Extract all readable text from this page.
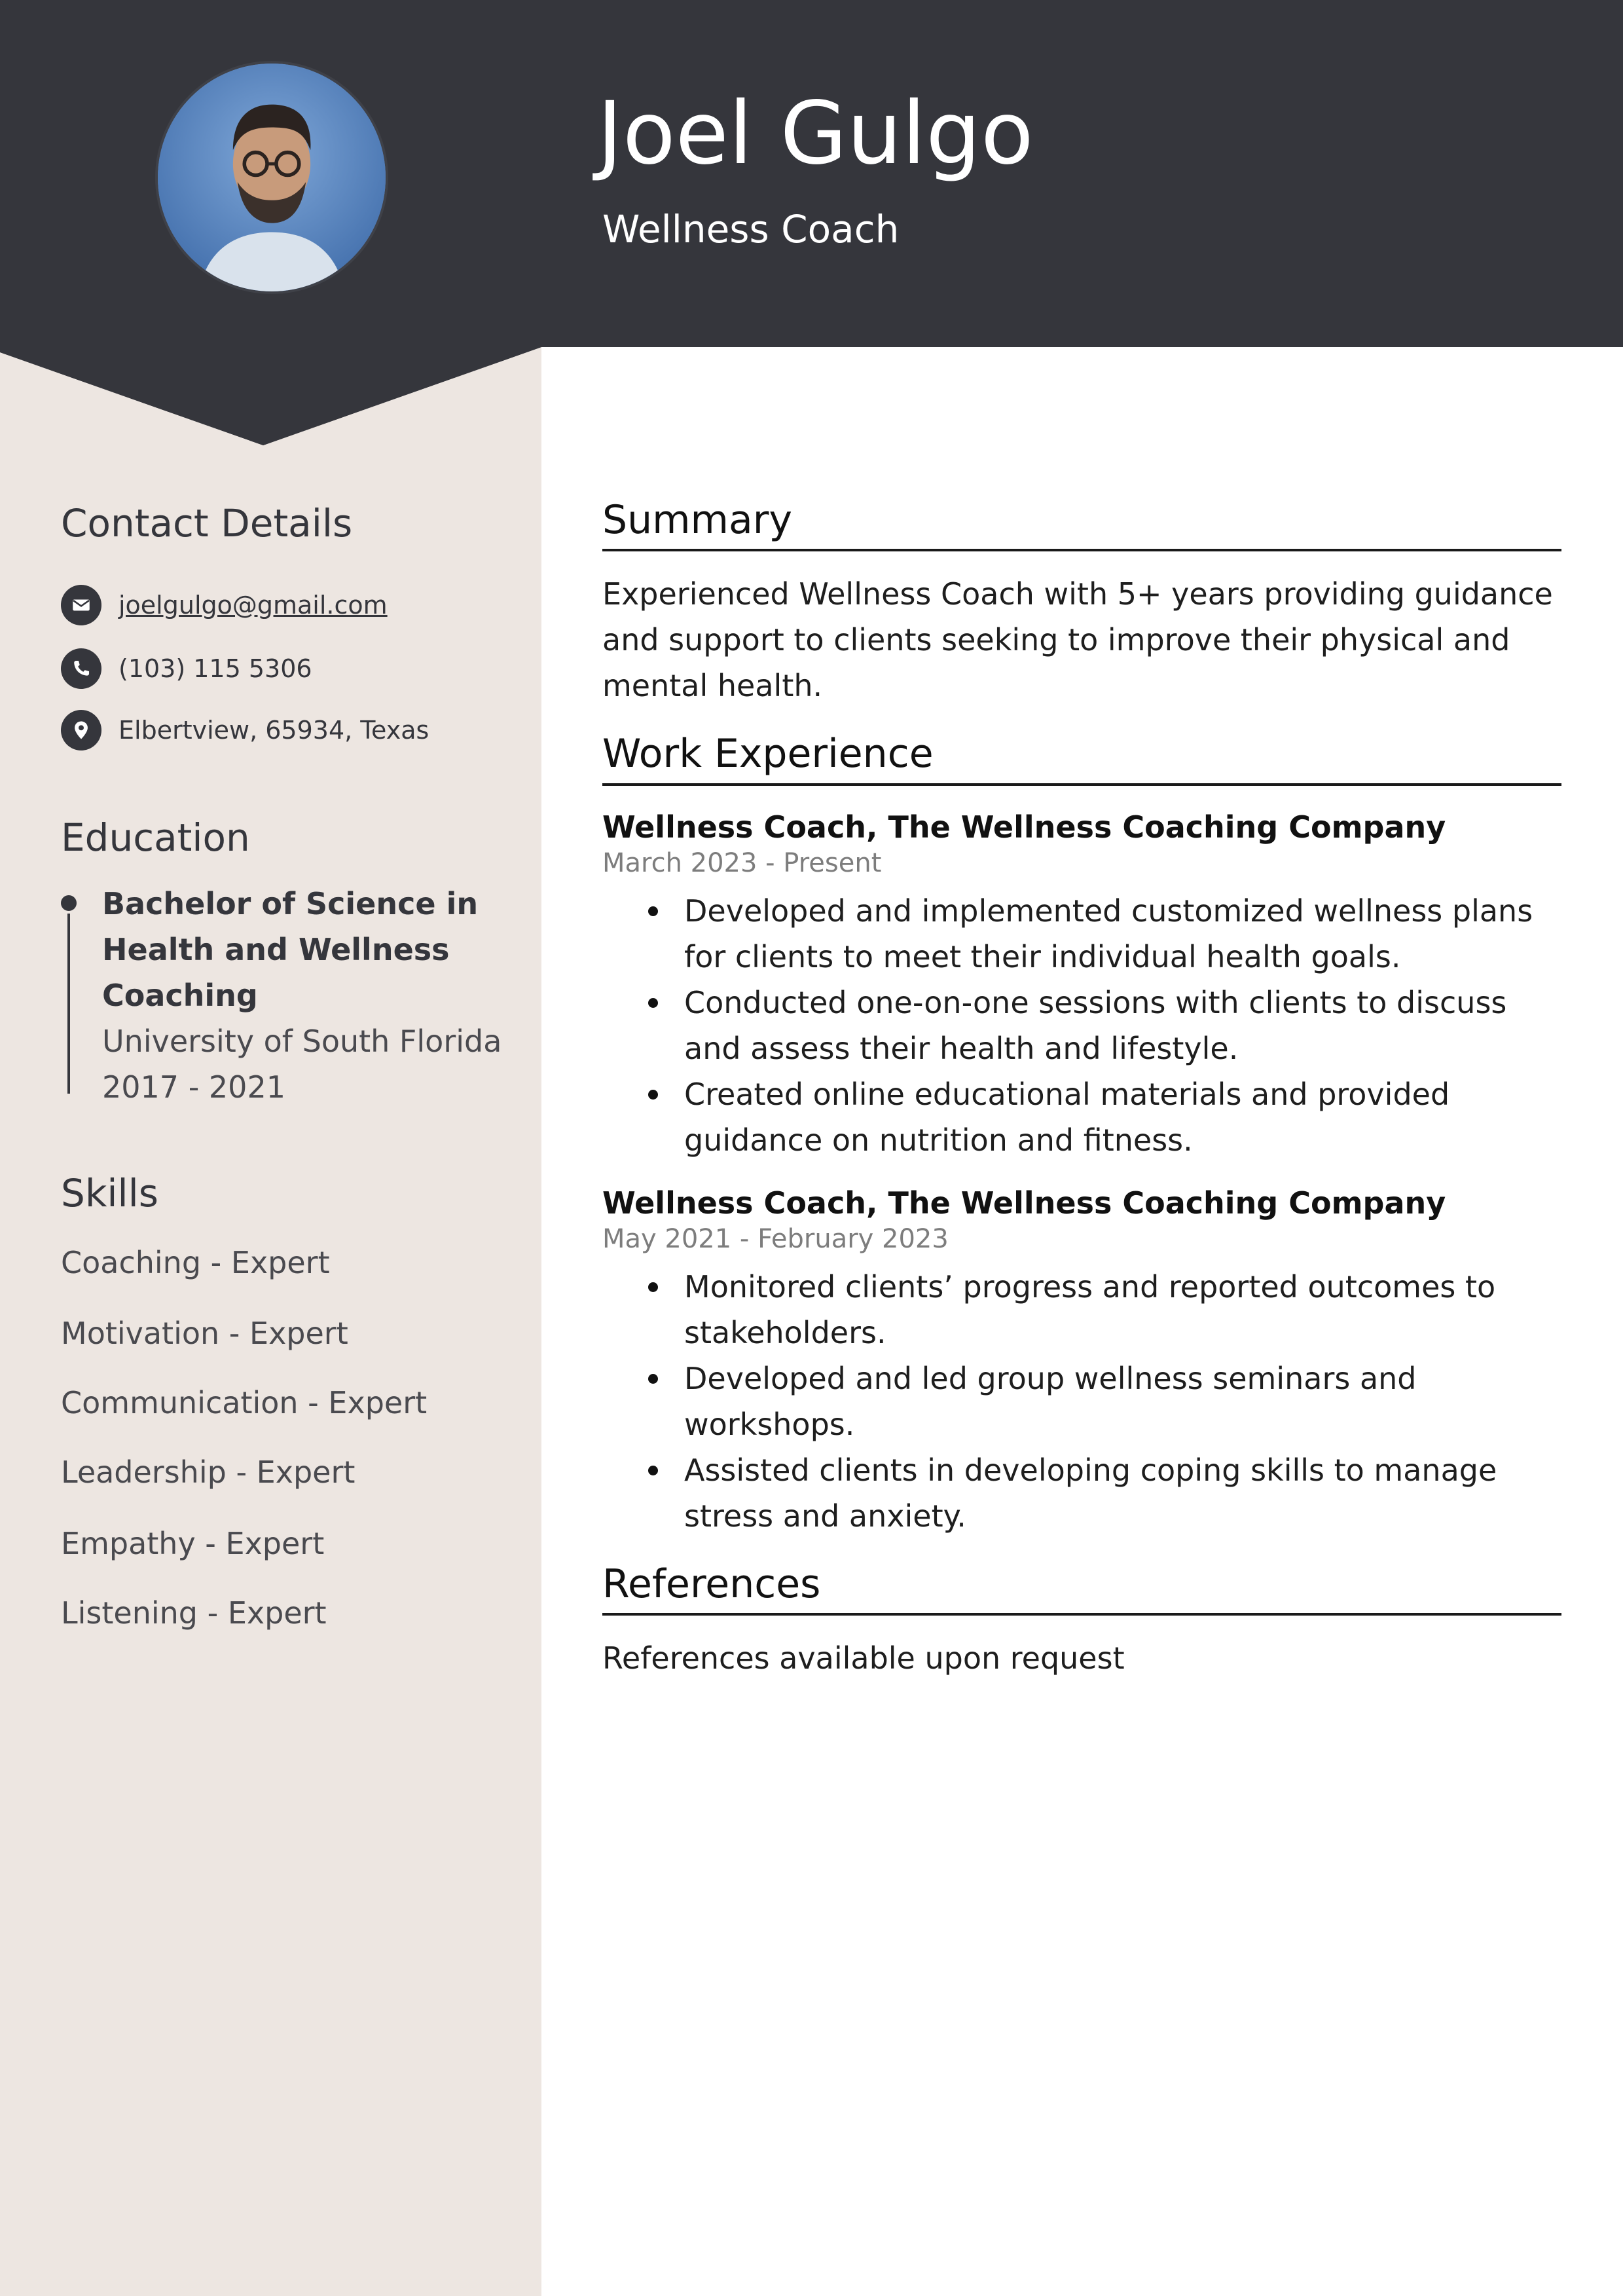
Joel Gulgo
Wellness Coach
Contact Details
joelgulgo@gmail.com
(103) 115 5306
Elbertview, 65934, Texas
Education
Bachelor of Science in Health and Wellness Coaching
University of South Florida
2017 - 2021
Skills
Coaching - Expert
Motivation - Expert
Communication - Expert
Leadership - Expert
Empathy - Expert
Listening - Expert
Summary
Experienced Wellness Coach with 5+ years providing guidance and support to clients seeking to improve their physical and mental health.
Work Experience
Wellness Coach, The Wellness Coaching Company
March 2023 - Present
Developed and implemented customized wellness plans for clients to meet their individual health goals.
Conducted one-on-one sessions with clients to discuss and assess their health and lifestyle.
Created online educational materials and provided guidance on nutrition and fitness.
Wellness Coach, The Wellness Coaching Company
May 2021 - February 2023
Monitored clients’ progress and reported outcomes to stakeholders.
Developed and led group wellness seminars and workshops.
Assisted clients in developing coping skills to manage stress and anxiety.
References
References available upon request
